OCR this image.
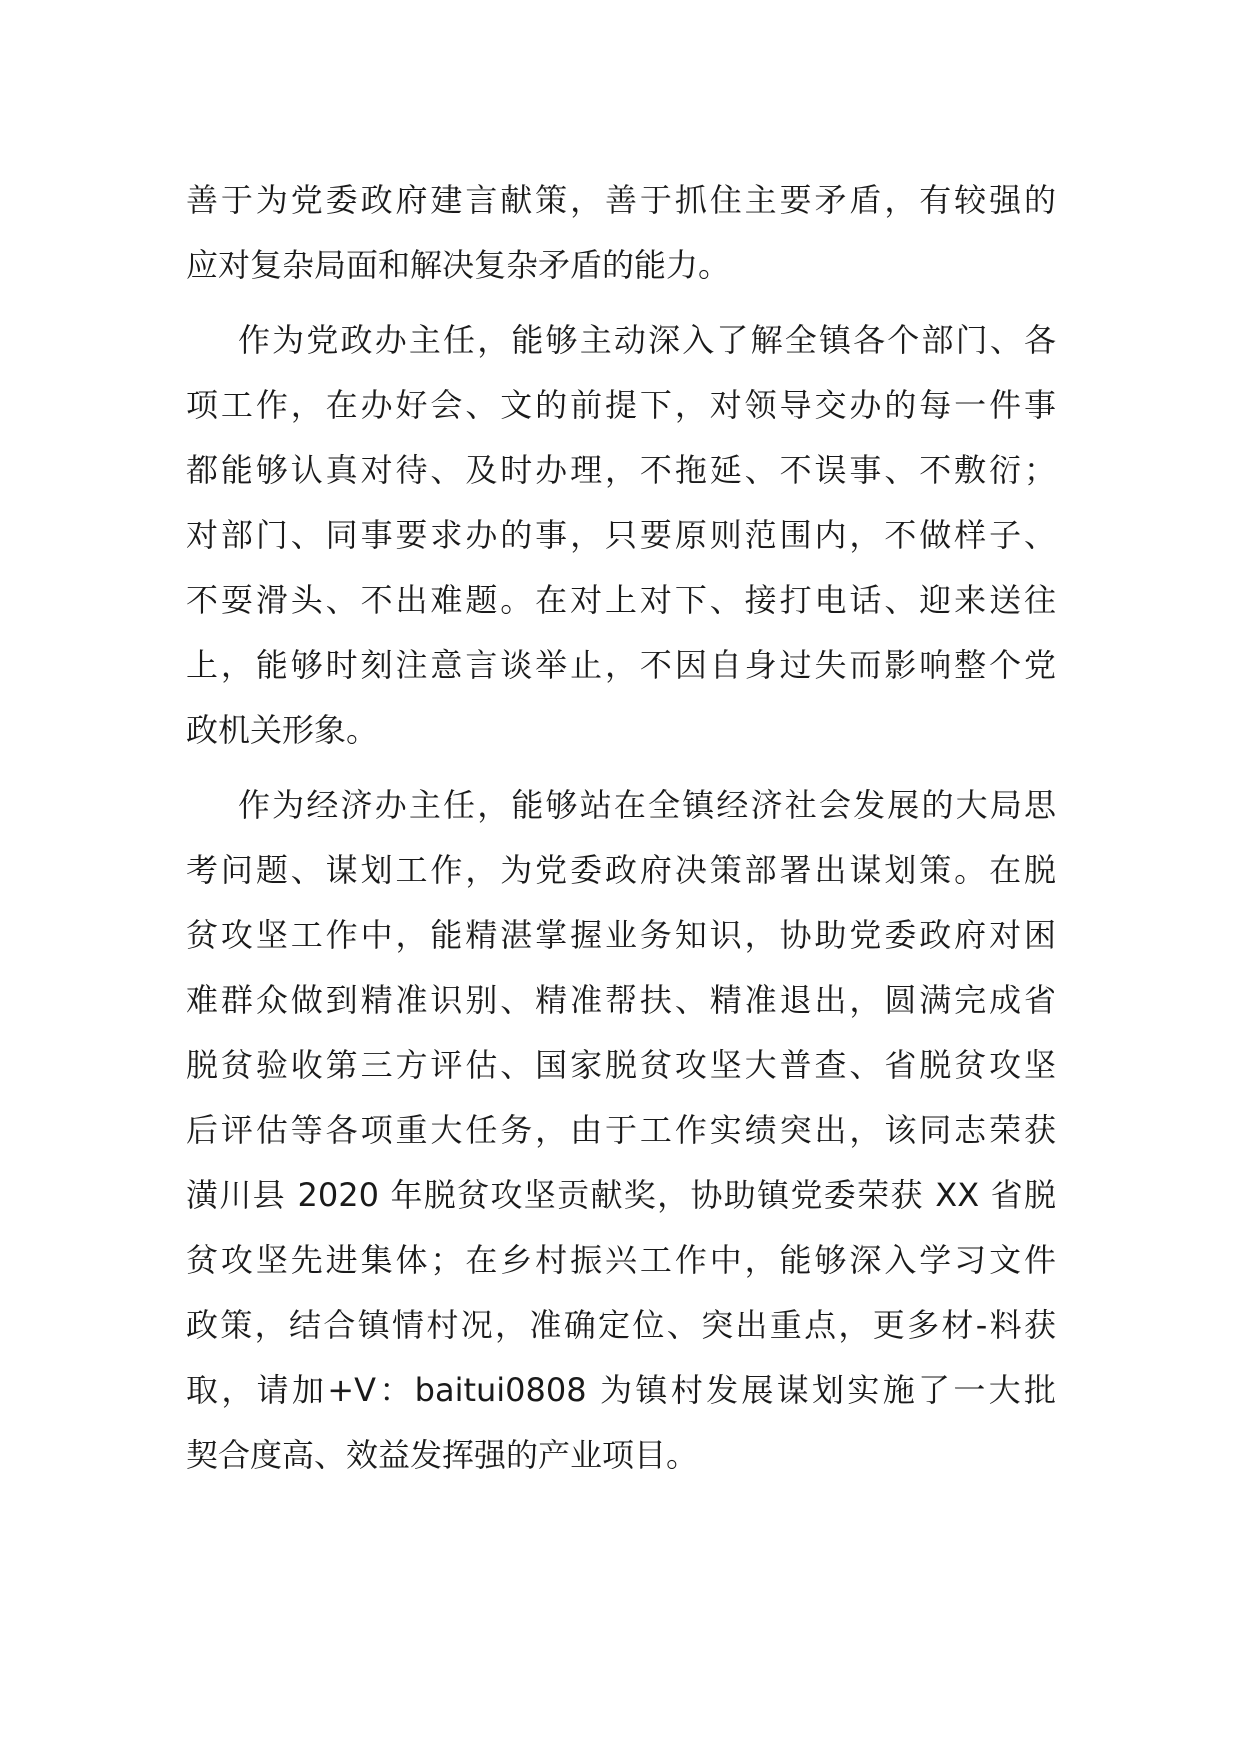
善于为党委政府建言献策，善于抓住主要矛盾，有较强的
应对复杂局面和解决复杂矛盾的能力。
作为党政办主任，能够主动深入了解全镇各个部门、各
项工作，在办好会、文的前提下，对领导交办的每一件事
都能够认真对待、及时办理，不拖延、不误事、不敷衍；
对部门、同事要求办的事，只要原则范围内，不做样子、
不耍滑头、不出难题。在对上对下、接打电话、迎来送往
上，能够时刻注意言谈举止，不因自身过失而影响整个党
政机关形象。
作为经济办主任，能够站在全镇经济社会发展的大局思
考问题、谋划工作，为党委政府决策部署出谋划策。在脱
贫攻坚工作中，能精湛掌握业务知识，协助党委政府对困
难群众做到精准识别、精准帮扶、精准退出，圆满完成省
脱贫验收第三方评估、国家脱贫攻坚大普查、省脱贫攻坚
后评估等各项重大任务，由于工作实绩突出，该同志荣获
潢川县 2020 年脱贫攻坚贡献奖，协助镇党委荣获 XX 省脱
贫攻坚先进集体；在乡村振兴工作中，能够深入学习文件
政策，结合镇情村况，准确定位、突出重点，更多材-料获
取，请加+V：baitui0808 为镇村发展谋划实施了一大批
契合度高、效益发挥强的产业项目。
